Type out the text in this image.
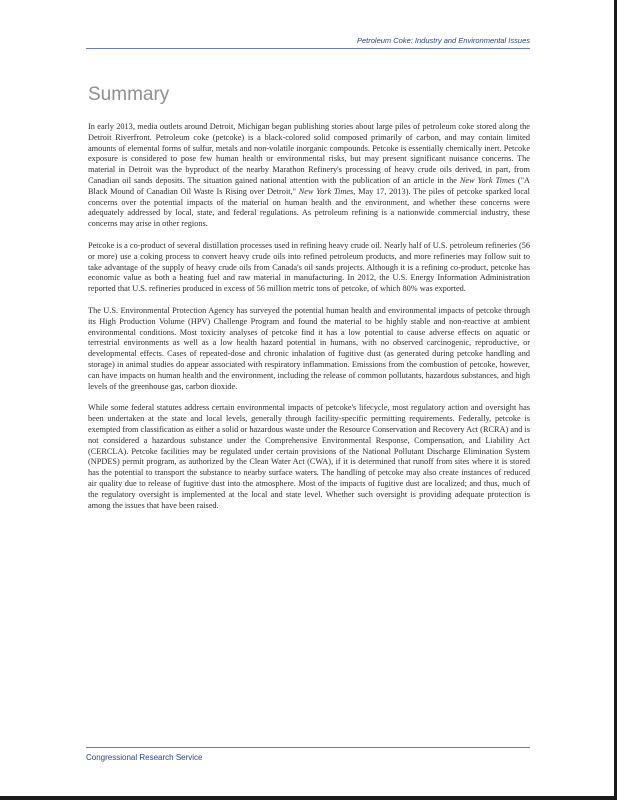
Petroleum Coke: Industry and Environmental Issues
Summary

In early 2013, media outlets around Detroit, Michigan began publishing stories about large piles of petroleum coke stored along the Detroit Riverfront. Petroleum coke (petcoke) is a black-colored solid composed primarily of carbon, and may contain limited amounts of elemental forms of sulfur, metals and non-volatile inorganic compounds. Petcoke is essentially chemically inert. Petcoke exposure is considered to pose few human health or environmental risks, but may present significant nuisance concerns. The material in Detroit was the byproduct of the nearby Marathon Refinery's processing of heavy crude oils derived, in part, from Canadian oil sands deposits. The situation gained national attention with the publication of an article in the New York Times ("A Black Mound of Canadian Oil Waste Is Rising over Detroit," New York Times, May 17, 2013). The piles of petcoke sparked local concerns over the potential impacts of the material on human health and the environment, and whether these concerns were adequately addressed by local, state, and federal regulations. As petroleum refining is a nationwide commercial industry, these concerns may arise in other regions.

Petcoke is a co-product of several distillation processes used in refining heavy crude oil. Nearly half of U.S. petroleum refineries (56 or more) use a coking process to convert heavy crude oils into refined petroleum products, and more refineries may follow suit to take advantage of the supply of heavy crude oils from Canada's oil sands projects. Although it is a refining co-product, petcoke has economic value as both a heating fuel and raw material in manufacturing. In 2012, the U.S. Energy Information Administration reported that U.S. refineries produced in excess of 56 million metric tons of petcoke, of which 80% was exported.

The U.S. Environmental Protection Agency has surveyed the potential human health and environmental impacts of petcoke through its High Production Volume (HPV) Challenge Program and found the material to be highly stable and non-reactive at ambient environmental conditions. Most toxicity analyses of petcoke find it has a low potential to cause adverse effects on aquatic or terrestrial environments as well as a low health hazard potential in humans, with no observed carcinogenic, reproductive, or developmental effects. Cases of repeated-dose and chronic inhalation of fugitive dust (as generated during petcoke handling and storage) in animal studies do appear associated with respiratory inflammation. Emissions from the combustion of petcoke, however, can have impacts on human health and the environment, including the release of common pollutants, hazardous substances, and high levels of the greenhouse gas, carbon dioxide.

While some federal statutes address certain environmental impacts of petcoke's lifecycle, most regulatory action and oversight has been undertaken at the state and local levels, generally through facility-specific permitting requirements. Federally, petcoke is exempted from classification as either a solid or hazardous waste under the Resource Conservation and Recovery Act (RCRA) and is not considered a hazardous substance under the Comprehensive Environmental Response, Compensation, and Liability Act (CERCLA). Petcoke facilities may be regulated under certain provisions of the National Pollutant Discharge Elimination System (NPDES) permit program, as authorized by the Clean Water Act (CWA), if it is determined that runoff from sites where it is stored has the potential to transport the substance to nearby surface waters. The handling of petcoke may also create instances of reduced air quality due to release of fugitive dust into the atmosphere. Most of the impacts of fugitive dust are localized; and thus, much of the regulatory oversight is implemented at the local and state level. Whether such oversight is providing adequate protection is among the issues that have been raised.

Congressional Research Service
